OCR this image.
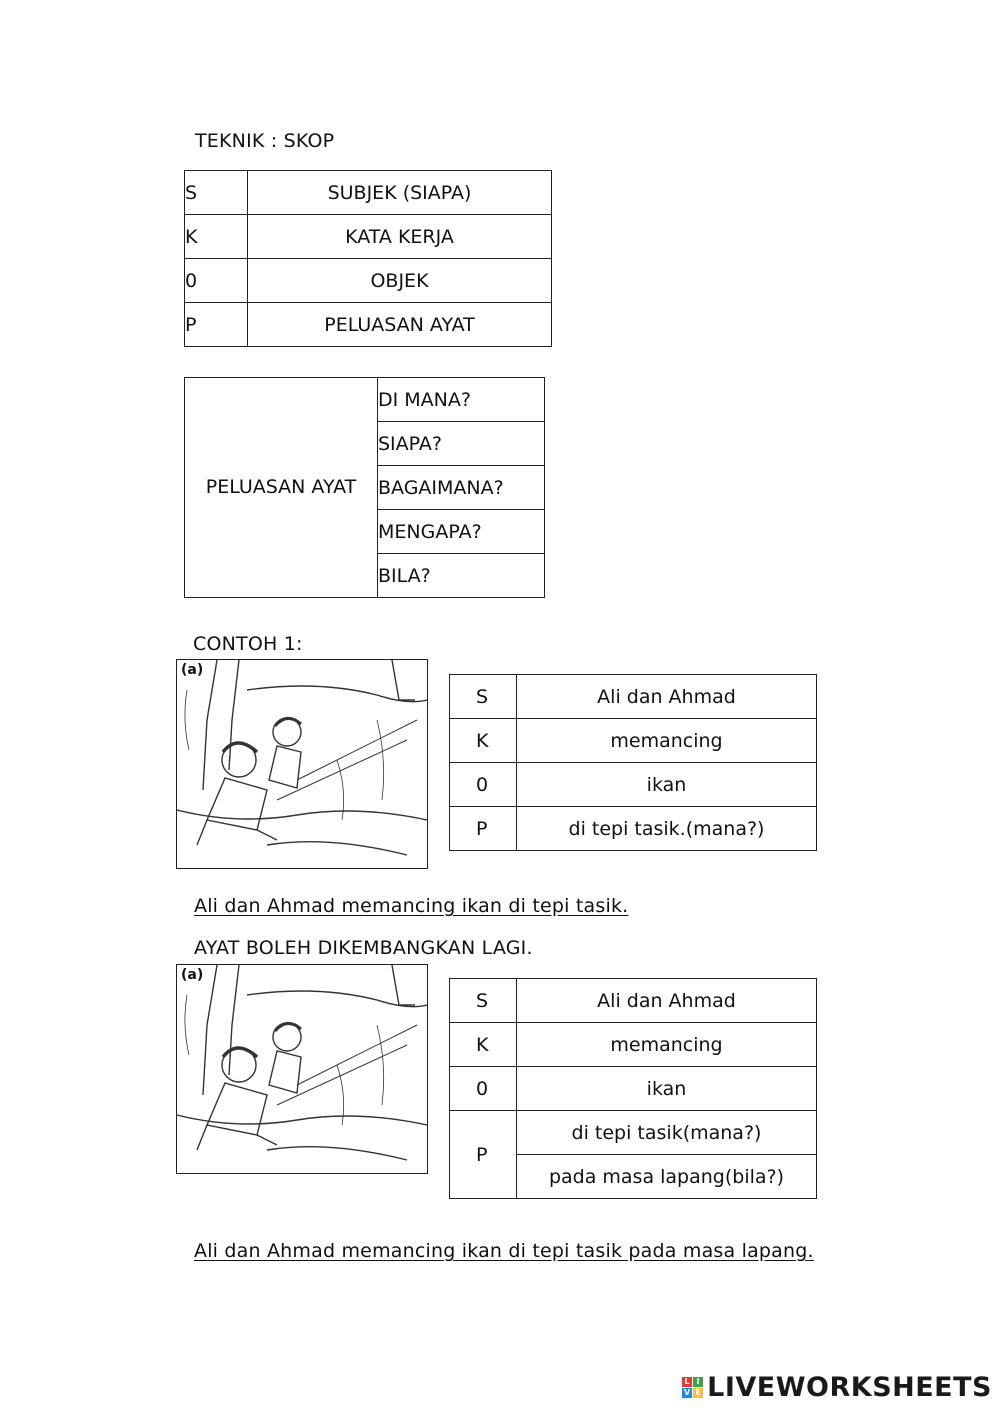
TEKNIK : SKOP
S	SUBJEK (SIAPA)
K	KATA KERJA
0	OBJEK
P	PELUASAN AYAT
PELUASAN AYAT	DI MANA?
SIAPA?
BAGAIMANA?
MENGAPA?
BILA?
CONTOH 1:
(a)
S	Ali dan Ahmad
K	memancing
0	ikan
P	di tepi tasik.(mana?)
Ali dan Ahmad memancing ikan di tepi tasik.
AYAT BOLEH DIKEMBANGKAN LAGI.
(a)
S	Ali dan Ahmad
K	memancing
0	ikan
P	di tepi tasik(mana?)
	pada masa lapang(bila?)
Ali dan Ahmad memancing ikan di tepi tasik pada masa lapang.
L I
V E LIVEWORKSHEETS
